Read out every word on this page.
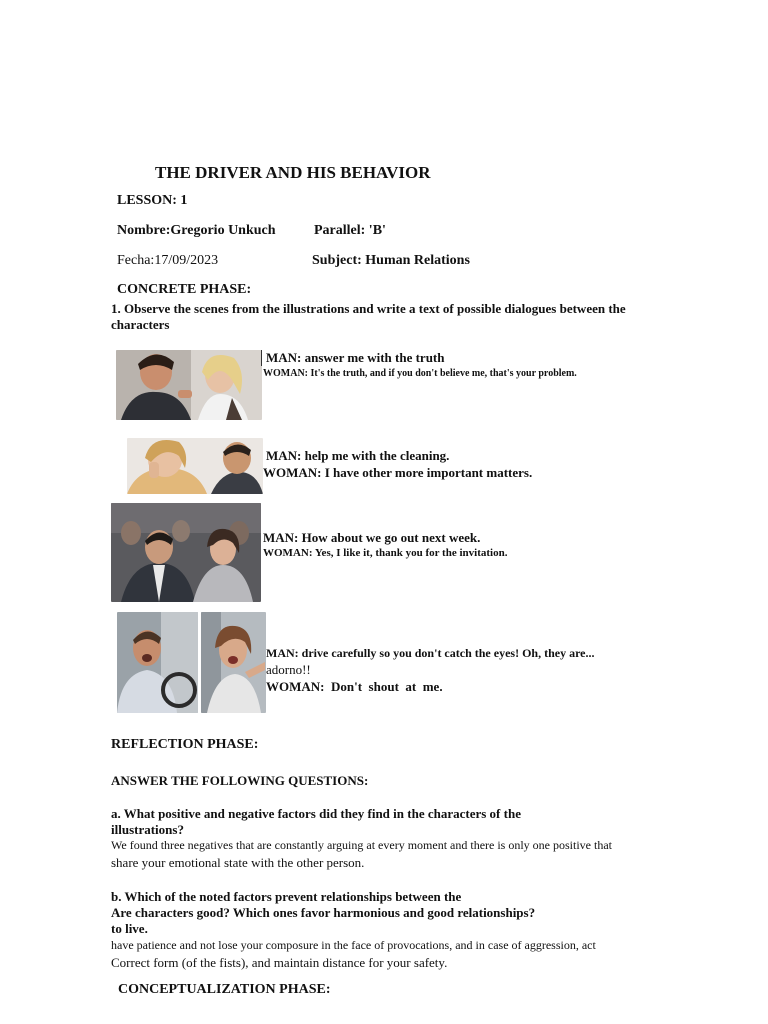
THE DRIVER AND HIS BEHAVIOR
LESSON: 1
Nombre:Gregorio Unkuch	Parallel: 'B'
Fecha:17/09/2023	Subject: Human Relations
CONCRETE PHASE:
1. Observe the scenes from the illustrations and write a text of possible dialogues between the characters
MAN: answer me with the truth
WOMAN: It's the truth, and if you don't believe me, that's your problem.
MAN: help me with the cleaning.
WOMAN: I have other more important matters.
MAN: How about we go out next week.
WOMAN: Yes, I like it, thank you for the invitation.
MAN: drive carefully so you don't catch the eyes! Oh, they are...
adorno!!
WOMAN:  Don't  shout  at  me.
REFLECTION PHASE:
ANSWER THE FOLLOWING QUESTIONS:
a. What positive and negative factors did they find in the characters of the
illustrations?
We found three negatives that are constantly arguing at every moment and there is only one positive that
share your emotional state with the other person.
b. Which of the noted factors prevent relationships between the
Are characters good? Which ones favor harmonious and good relationships?
to live.
have patience and not lose your composure in the face of provocations, and in case of aggression, act
Correct form (of the fists), and maintain distance for your safety.
CONCEPTUALIZATION PHASE:
